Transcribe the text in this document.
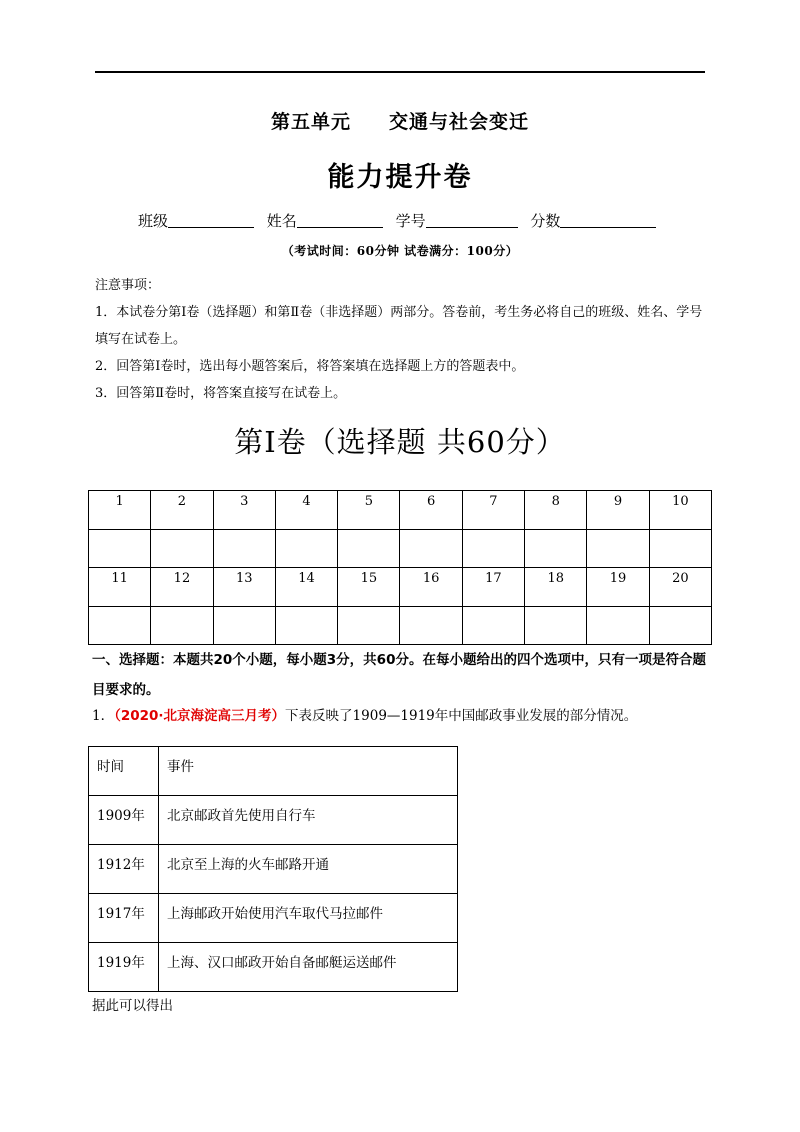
第五单元 交通与社会变迁
能力提升卷
班级	姓名	学号	分数
（考试时间：60分钟 试卷满分：100分）
注意事项：
1．本试卷分第Ⅰ卷（选择题）和第Ⅱ卷（非选择题）两部分。答卷前，考生务必将自己的班级、姓名、学号填写在试卷上。
2．回答第Ⅰ卷时，选出每小题答案后，将答案填在选择题上方的答题表中。
3．回答第Ⅱ卷时，将答案直接写在试卷上。
第Ⅰ卷（选择题 共60分）
1	2	3	4	5	6	7	8	9	10

11	12	13	14	15	16	17	18	19	20

一、选择题：本题共20个小题，每小题3分，共60分。在每小题给出的四个选项中，只有一项是符合题目要求的。
1．（2020·北京海淀高三月考）下表反映了1909—1919年中国邮政事业发展的部分情况。
时间	事件
1909年	北京邮政首先使用自行车
1912年	北京至上海的火车邮路开通
1917年	上海邮政开始使用汽车取代马拉邮件
1919年	上海、汉口邮政开始自备邮艇运送邮件
据此可以得出
